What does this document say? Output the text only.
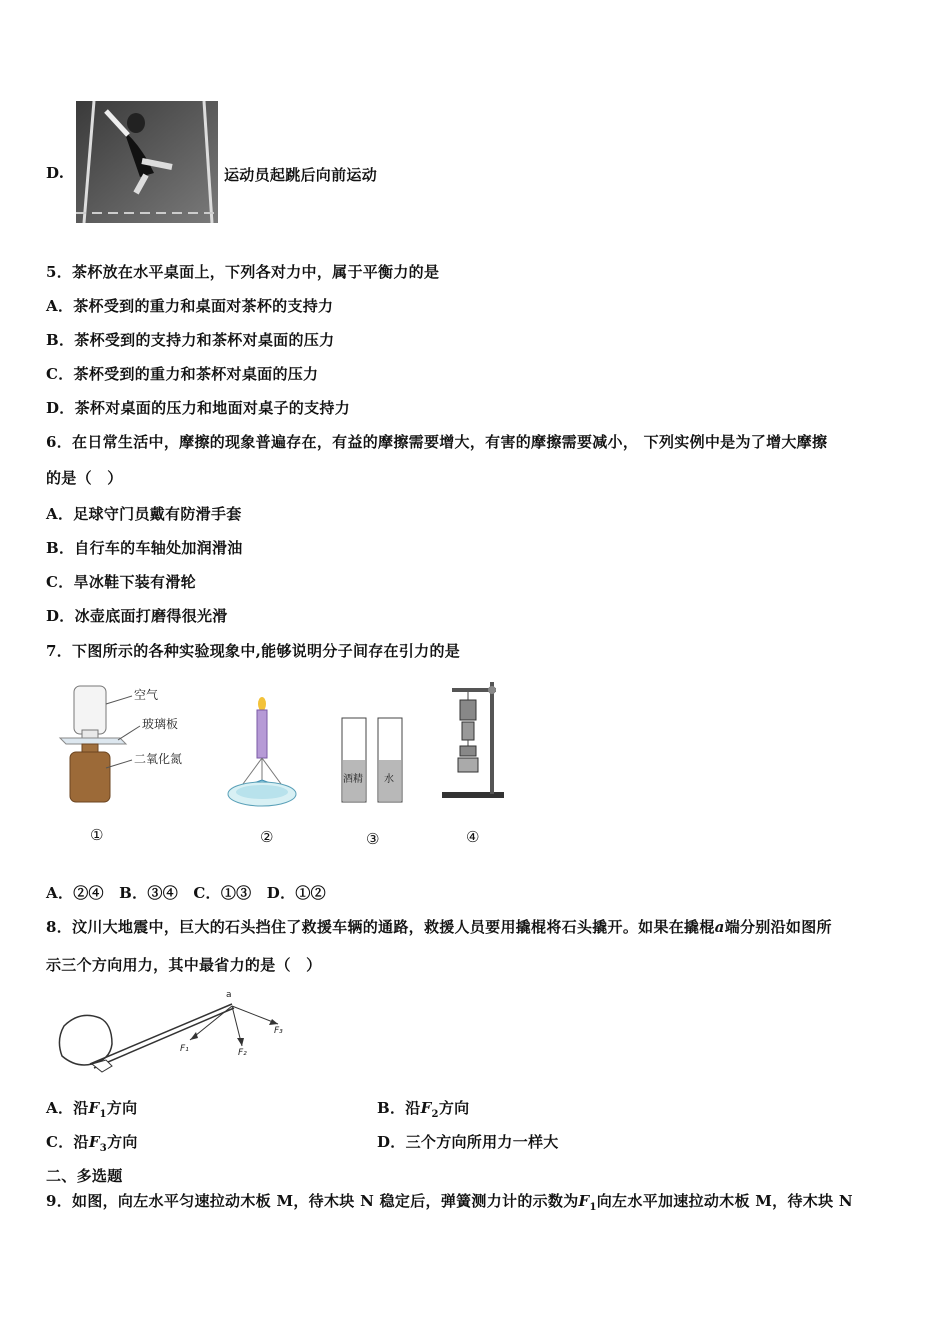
D.	运动员起跳后向前运动
5．茶杯放在水平桌面上，下列各对力中，属于平衡力的是
A．茶杯受到的重力和桌面对茶杯的支持力
B．茶杯受到的支持力和茶杯对桌面的压力
C．茶杯受到的重力和茶杯对桌面的压力
D．茶杯对桌面的压力和地面对桌子的支持力
6．在日常生活中，摩擦的现象普遍存在，有益的摩擦需要增大，有害的摩擦需要减小， 下列实例中是为了增大摩擦
的是（　）
A．足球守门员戴有防滑手套
B．自行车的车轴处加润滑油
C．旱冰鞋下装有滑轮
D．冰壶底面打磨得很光滑
7．下图所示的各种实验现象中,能够说明分子间存在引力的是
空气
玻璃板
二氧化氮
①	②
酒精 水
③	④
A．②④　B．③④　C．①③　D．①②
8．汶川大地震中，巨大的石头挡住了救援车辆的通路，救援人员要用撬棍将石头撬开。如果在撬棍a端分别沿如图所
示三个方向用力，其中最省力的是（　）
a
F₁	F₂
F₃
A．沿$F_1$方向	B．沿$F_2$方向
C．沿$F_3$方向	D．三个方向所用力一样大
二、多选题
9．如图，向左水平匀速拉动木板 M，待木块 N 稳定后，弹簧测力计的示数为$F_1$向左水平加速拉动木板 M，待木块 N
